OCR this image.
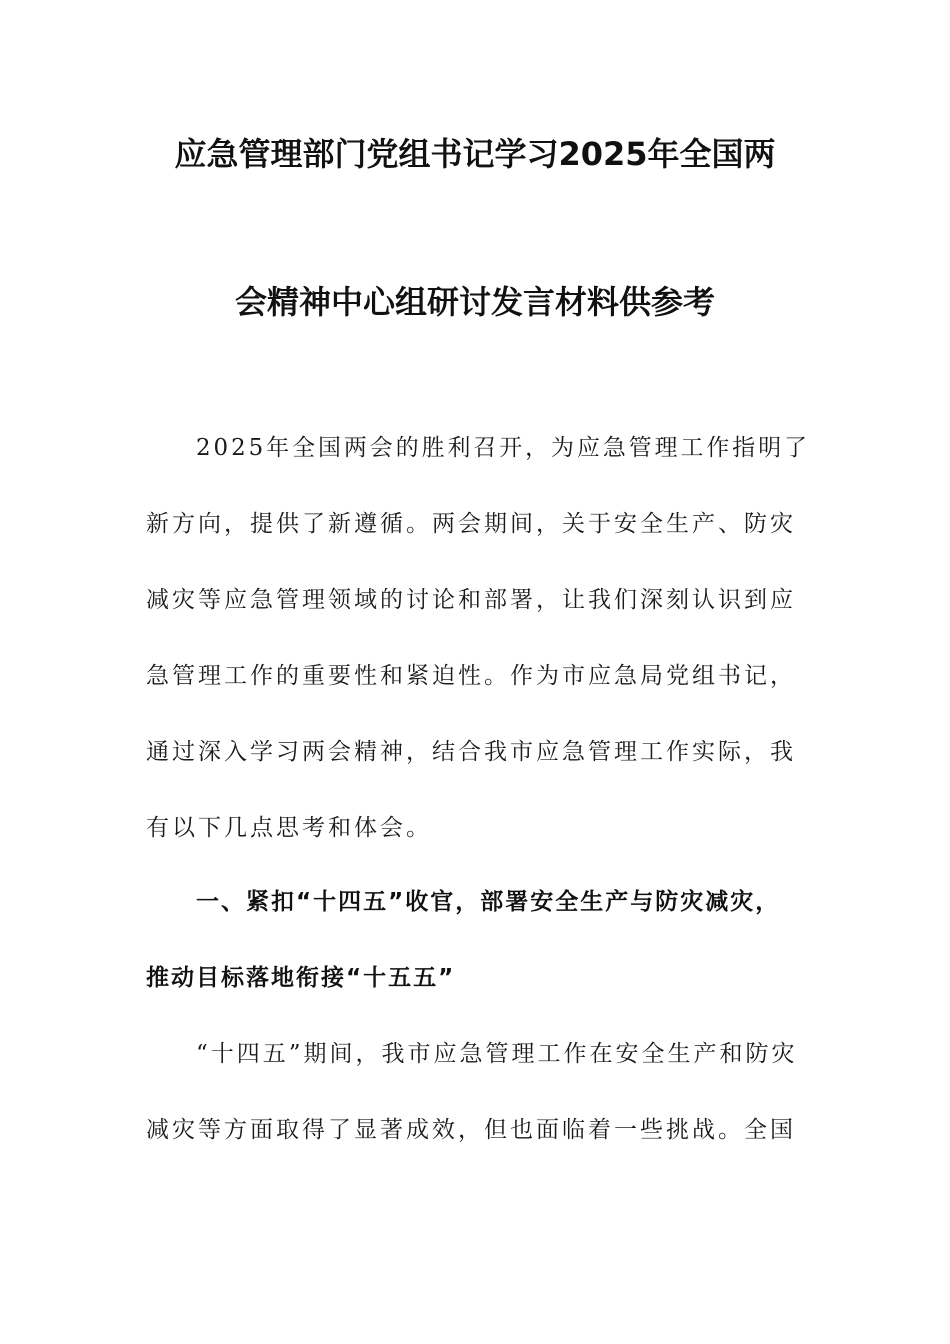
应急管理部门党组书记学习2025年全国两
会精神中心组研讨发言材料供参考
2025年全国两会的胜利召开，为应急管理工作指明了
新方向，提供了新遵循。两会期间，关于安全生产、防灾
减灾等应急管理领域的讨论和部署，让我们深刻认识到应
急管理工作的重要性和紧迫性。作为市应急局党组书记，
通过深入学习两会精神，结合我市应急管理工作实际，我
有以下几点思考和体会。
一、紧扣“十四五”收官，部署安全生产与防灾减灾，
推动目标落地衔接“十五五”
“十四五”期间，我市应急管理工作在安全生产和防灾
减灾等方面取得了显著成效，但也面临着一些挑战。全国
